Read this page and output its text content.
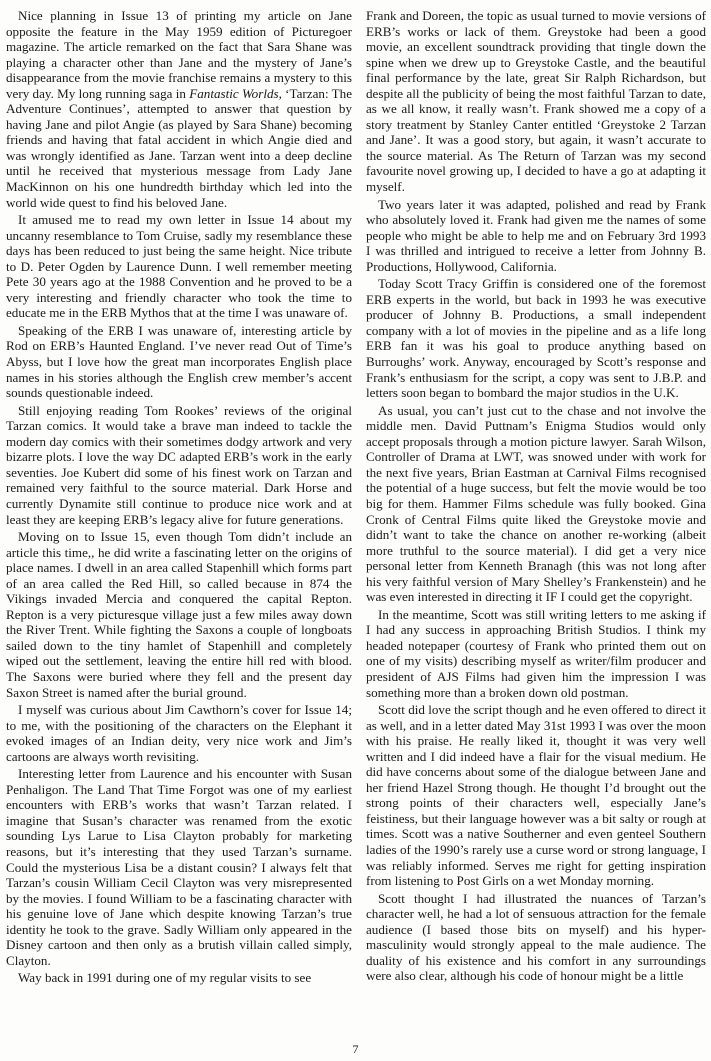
Nice planning in Issue 13 of printing my article on Jane opposite the feature in the May 1959 edition of Picturegoer magazine. The article remarked on the fact that Sara Shane was playing a character other than Jane and the mystery of Jane’s disappearance from the movie franchise remains a mystery to this very day. My long running saga in Fantastic Worlds, ‘Tarzan: The Adventure Continues’, attempted to answer that question by having Jane and pilot Angie (as played by Sara Shane) becoming friends and having that fatal accident in which Angie died and was wrongly identified as Jane. Tarzan went into a deep decline until he received that mysterious message from Lady Jane MacKinnon on his one hundredth birthday which led into the world wide quest to find his beloved Jane.

It amused me to read my own letter in Issue 14 about my uncanny resemblance to Tom Cruise, sadly my resemblance these days has been reduced to just being the same height. Nice tribute to D. Peter Ogden by Laurence Dunn. I well remember meeting Pete 30 years ago at the 1988 Convention and he proved to be a very interesting and friendly character who took the time to educate me in the ERB Mythos that at the time I was unaware of.

Speaking of the ERB I was unaware of, interesting article by Rod on ERB’s Haunted England. I’ve never read Out of Time’s Abyss, but I love how the great man incorporates English place names in his stories although the English crew member’s accent sounds questionable indeed.

Still enjoying reading Tom Rookes’ reviews of the original Tarzan comics. It would take a brave man indeed to tackle the modern day comics with their sometimes dodgy artwork and very bizarre plots. I love the way DC adapted ERB’s work in the early seventies. Joe Kubert did some of his finest work on Tarzan and remained very faithful to the source material. Dark Horse and currently Dynamite still continue to produce nice work and at least they are keeping ERB’s legacy alive for future generations.

Moving on to Issue 15, even though Tom didn’t include an article this time,, he did write a fascinating letter on the origins of place names. I dwell in an area called Stapenhill which forms part of an area called the Red Hill, so called because in 874 the Vikings invaded Mercia and conquered the capital Repton. Repton is a very picturesque village just a few miles away down the River Trent. While fighting the Saxons a couple of longboats sailed down to the tiny hamlet of Stapenhill and completely wiped out the settlement, leaving the entire hill red with blood. The Saxons were buried where they fell and the present day Saxon Street is named after the burial ground.

I myself was curious about Jim Cawthorn’s cover for Issue 14; to me, with the positioning of the characters on the Elephant it evoked images of an Indian deity, very nice work and Jim’s cartoons are always worth revisiting.

Interesting letter from Laurence and his encounter with Susan Penhaligon. The Land That Time Forgot was one of my earliest encounters with ERB’s works that wasn’t Tarzan related. I imagine that Susan’s character was renamed from the exotic sounding Lys Larue to Lisa Clayton probably for marketing reasons, but it’s interesting that they used Tarzan’s surname. Could the mysterious Lisa be a distant cousin? I always felt that Tarzan’s cousin William Cecil Clayton was very misrepresented by the movies. I found William to be a fascinating character with his genuine love of Jane which despite knowing Tarzan’s true identity he took to the grave. Sadly William only appeared in the Disney cartoon and then only as a brutish villain called simply, Clayton.

Way back in 1991 during one of my regular visits to see

Frank and Doreen, the topic as usual turned to movie versions of ERB’s works or lack of them. Greystoke had been a good movie, an excellent soundtrack providing that tingle down the spine when we drew up to Greystoke Castle, and the beautiful final performance by the late, great Sir Ralph Richardson, but despite all the publicity of being the most faithful Tarzan to date, as we all know, it really wasn’t. Frank showed me a copy of a story treatment by Stanley Canter entitled ‘Greystoke 2 Tarzan and Jane’. It was a good story, but again, it wasn’t accurate to the source material. As The Return of Tarzan was my second favourite novel growing up, I decided to have a go at adapting it myself.

Two years later it was adapted, polished and read by Frank who absolutely loved it. Frank had given me the names of some people who might be able to help me and on February 3rd 1993 I was thrilled and intrigued to receive a letter from Johnny B. Productions, Hollywood, California.

Today Scott Tracy Griffin is considered one of the foremost ERB experts in the world, but back in 1993 he was executive producer of Johnny B. Productions, a small independent company with a lot of movies in the pipeline and as a life long ERB fan it was his goal to produce anything based on Burroughs’ work. Anyway, encouraged by Scott’s response and Frank’s enthusiasm for the script, a copy was sent to J.B.P. and letters soon began to bombard the major studios in the U.K.

As usual, you can’t just cut to the chase and not involve the middle men. David Puttnam’s Enigma Studios would only accept proposals through a motion picture lawyer. Sarah Wilson, Controller of Drama at LWT, was snowed under with work for the next five years, Brian Eastman at Carnival Films recognised the potential of a huge success, but felt the movie would be too big for them. Hammer Films schedule was fully booked. Gina Cronk of Central Films quite liked the Greystoke movie and didn’t want to take the chance on another re-working (albeit more truthful to the source material). I did get a very nice personal letter from Kenneth Branagh (this was not long after his very faithful version of Mary Shelley’s Frankenstein) and he was even interested in directing it IF I could get the copyright.

In the meantime, Scott was still writing letters to me asking if I had any success in approaching British Studios. I think my headed notepaper (courtesy of Frank who printed them out on one of my visits) describing myself as writer/film producer and president of AJS Films had given him the impression I was something more than a broken down old postman.

Scott did love the script though and he even offered to direct it as well, and in a letter dated May 31st 1993 I was over the moon with his praise. He really liked it, thought it was very well written and I did indeed have a flair for the visual medium. He did have concerns about some of the dialogue between Jane and her friend Hazel Strong though. He thought I’d brought out the strong points of their characters well, especially Jane’s feistiness, but their language however was a bit salty or rough at times. Scott was a native Southerner and even genteel Southern ladies of the 1990’s rarely use a curse word or strong language, I was reliably informed. Serves me right for getting inspiration from listening to Post Girls on a wet Monday morning.

Scott thought I had illustrated the nuances of Tarzan’s character well, he had a lot of sensuous attraction for the female audience (I based those bits on myself) and his hyper-masculinity would strongly appeal to the male audience. The duality of his existence and his comfort in any surroundings were also clear, although his code of honour might be a little

7
